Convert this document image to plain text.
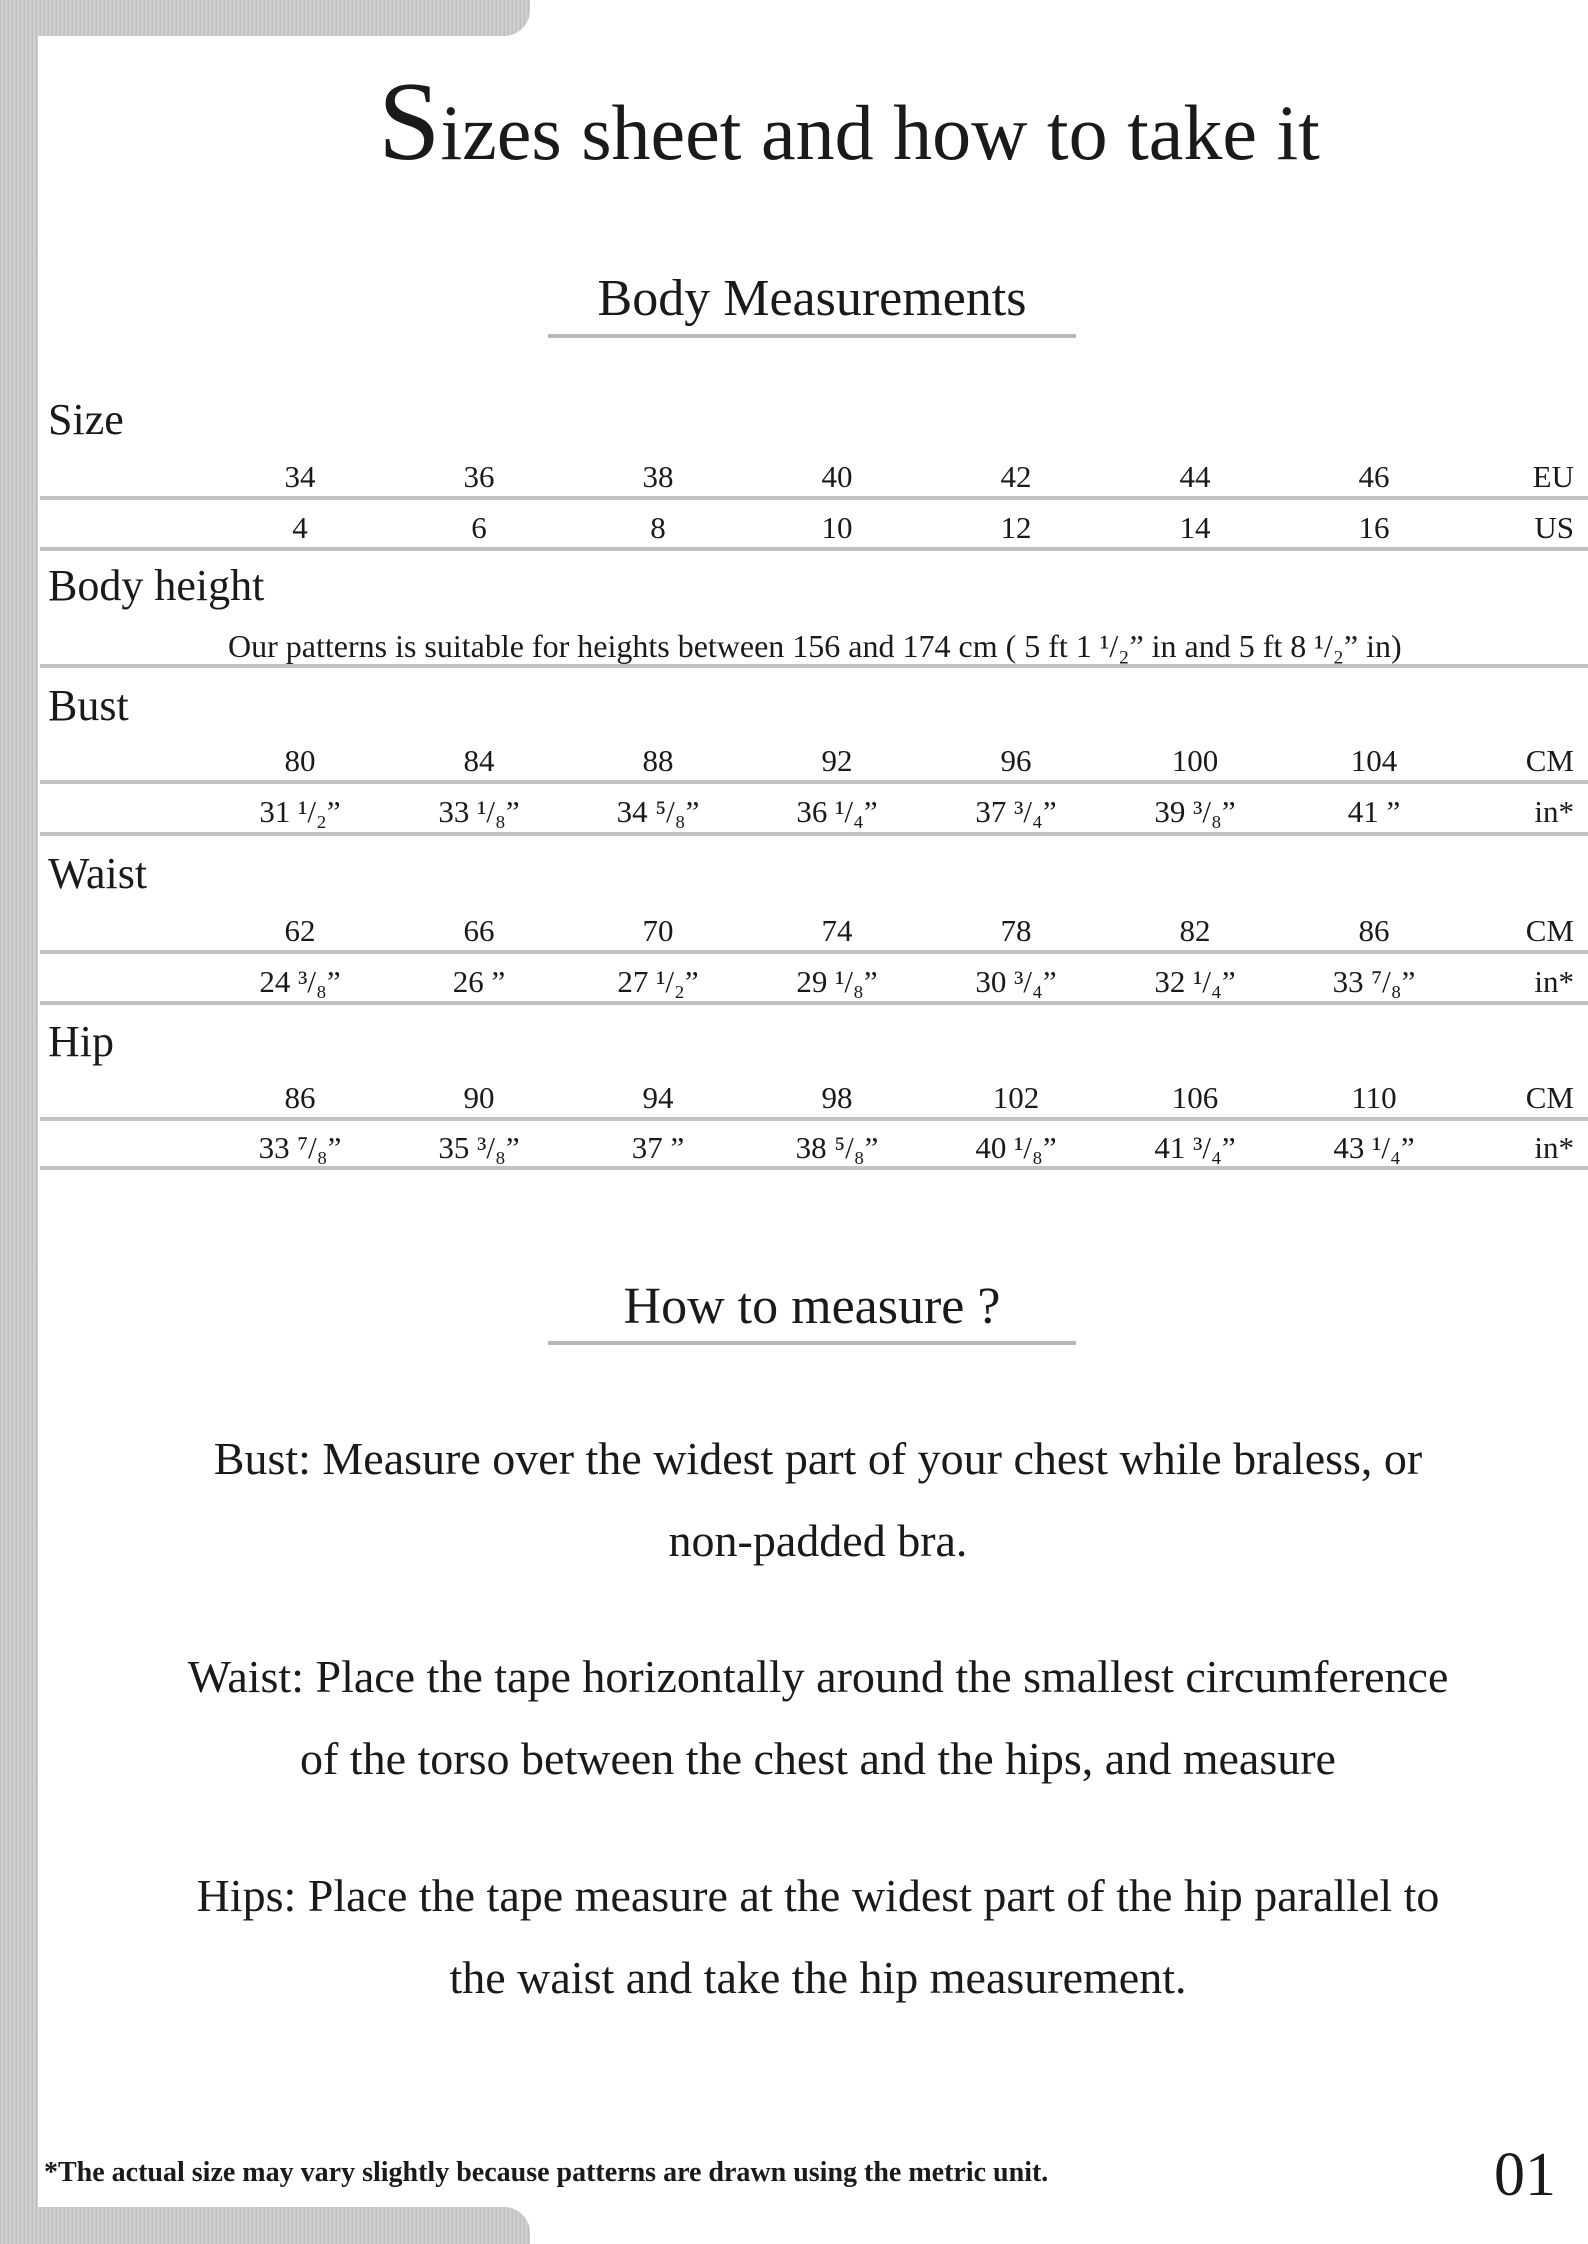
Sizes sheet and how to take it
Body Measurements
Size
34	36	38	40	42	44	46	EU
4	6	8	10	12	14	16	US
Body height
Our patterns is suitable for heights between 156 and 174 cm ( 5 ft 1 ¹/₂” in and 5 ft 8 ¹/₂” in)
Bust
80	84	88	92	96	100	104	CM
31 ¹/₂”	33 ¹/₈”	34 ⁵/₈”	36 ¹/₄”	37 ³/₄”	39 ³/₈”	41 ”	in*
Waist
62	66	70	74	78	82	86	CM
24 ³/₈”	26 ”	27 ¹/₂”	29 ¹/₈”	30 ³/₄”	32 ¹/₄”	33 ⁷/₈”	in*
Hip
86	90	94	98	102	106	110	CM
33 ⁷/₈”	35 ³/₈”	37 ”	38 ⁵/₈”	40 ¹/₈”	41 ³/₄”	43 ¹/₄”	in*
How to measure ?
Bust: Measure over the widest part of your chest while braless, or
non-padded bra.
Waist: Place the tape horizontally around the smallest circumference
of the torso between the chest and the hips, and measure
Hips: Place the tape measure at the widest part of the hip parallel to
the waist and take the hip measurement.
*The actual size may vary slightly because patterns are drawn using the metric unit.	01
